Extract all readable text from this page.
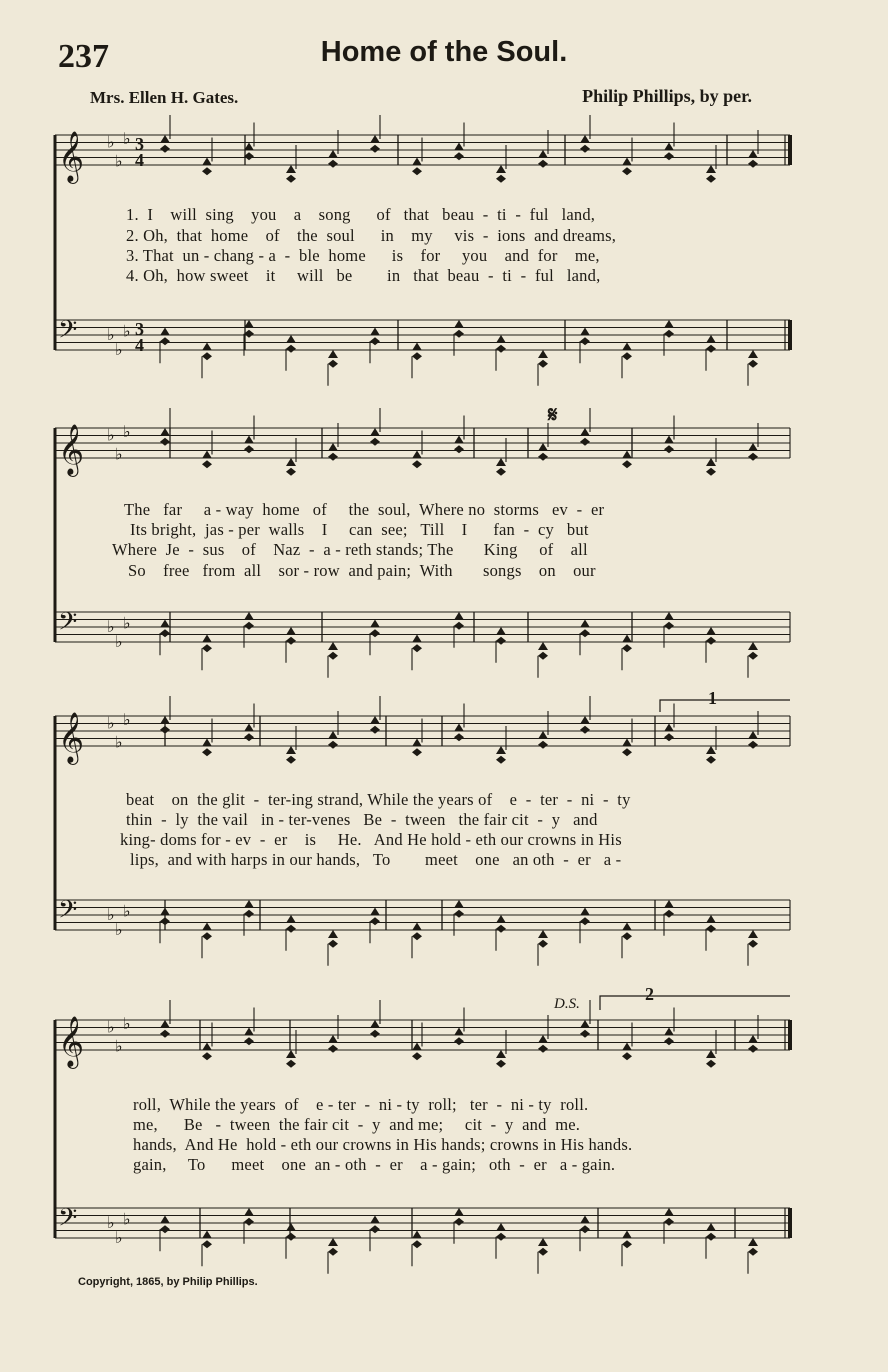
237	Home of the Soul.
Mrs. Ellen H. Gates.	Philip Phillips, by per.
𝄞 ♭
♭
♭
𝄢 ♭
♭
♭
3
4
3
4
𝄞 ♭
♭
♭
𝄢 ♭
♭
♭
𝄞 ♭
♭
♭
𝄢 ♭
♭
♭
𝄞 ♭
♭
♭
𝄢 ♭
♭
♭
1.  I    will  sing    you    a    song      of   that   beau  -  ti  -  ful   land,
2. Oh,  that  home    of    the  soul      in    my     vis  -  ions  and dreams,
3. That  un - chang - a  -  ble  home      is    for     you    and  for    me,
4. Oh,  how sweet    it     will   be        in   that  beau  -  ti  -  ful   land,
The   far     a - way  home   of     the  soul,  Where no  storms   ev  -  er
Its bright,  jas - per  walls    I     can  see;   Till    I      fan  -  cy   but
Where  Je  -  sus    of    Naz  -  a - reth stands; The       King     of    all
So    free   from  all    sor - row  and pain;  With       songs    on    our
beat    on  the glit  -  ter-ing strand, While the years of    e  -  ter  -  ni  -  ty
thin  -  ly  the vail   in - ter-venes   Be  -  tween   the fair cit  -  y   and
king- doms for - ev  -  er    is     He.   And He hold - eth our crowns in His
lips,  and with harps in our hands,   To        meet    one   an oth  -  er   a -
roll,  While the years  of    e - ter  -  ni - ty  roll;   ter  -  ni - ty  roll.
me,      Be   -  tween  the fair cit  -  y  and me;     cit  -  y  and  me.
hands,  And He  hold - eth our crowns in His hands; crowns in His hands.
gain,     To      meet    one  an - oth  -  er    a - gain;   oth  -  er   a - gain.
𝄋
D.S.
1
2
Copyright, 1865, by Philip Phillips.
